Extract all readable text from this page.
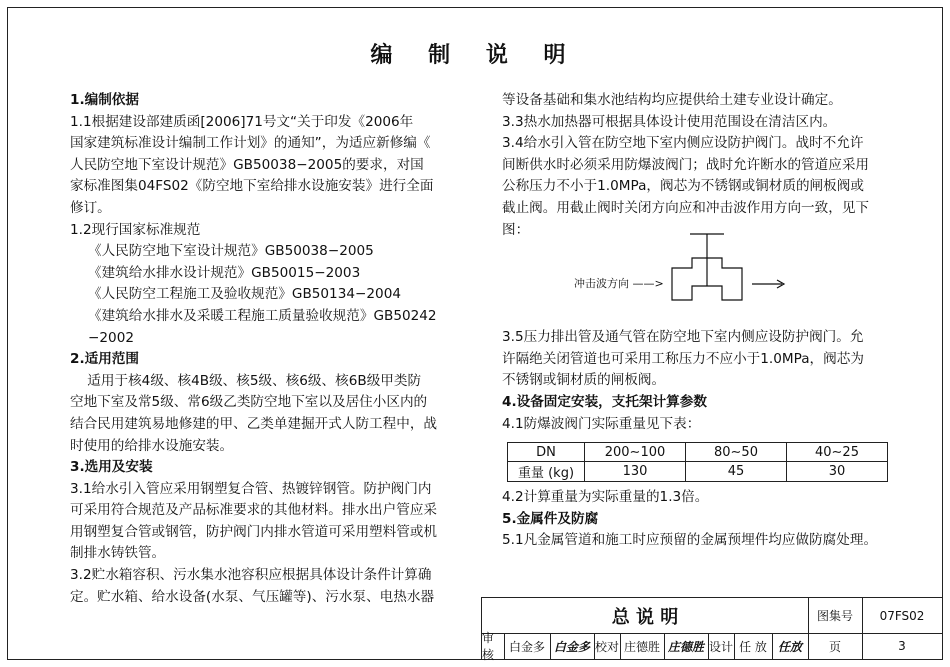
编 制 说 明

1.编制依据

1.1根据建设部建质函[2006]71号文“关于印发《2006年

国家建筑标准设计编制工作计划》的通知”，为适应新修编《

人民防空地下室设计规范》GB50038−2005的要求，对国

家标准图集04FS02《防空地下室给排水设施安装》进行全面

修订。

1.2现行国家标准规范

《人民防空地下室设计规范》GB50038−2005

《建筑给水排水设计规范》GB50015−2003

《人民防空工程施工及验收规范》GB50134−2004

《建筑给水排水及采暖工程施工质量验收规范》GB50242

−2002

2.适用范围

适用于核4级、核4B级、核5级、核6级、核6B级甲类防

空地下室及常5级、常6级乙类防空地下室以及居住小区内的

结合民用建筑易地修建的甲、乙类单建掘开式人防工程中，战

时使用的给排水设施安装。

3.选用及安装

3.1给水引入管应采用钢塑复合管、热镀锌钢管。防护阀门内

可采用符合规范及产品标准要求的其他材料。排水出户管应采

用钢塑复合管或钢管，防护阀门内排水管道可采用塑料管或机

制排水铸铁管。

3.2贮水箱容积、污水集水池容积应根据具体设计条件计算确

定。贮水箱、给水设备(水泵、气压罐等)、污水泵、电热水器

等设备基础和集水池结构均应提供给土建专业设计确定。

3.3热水加热器可根据具体设计使用范围设在清洁区内。

3.4给水引入管在防空地下室内侧应设防护阀门。战时不允许

间断供水时必须采用防爆波阀门；战时允许断水的管道应采用

公称压力不小于1.0MPa，阀芯为不锈钢或铜材质的闸板阀或

截止阀。用截止阀时关闭方向应和冲击波作用方向一致，见下

图：

3.5压力排出管及通气管在防空地下室内侧应设防护阀门。允

许隔绝关闭管道也可采用工称压力不应小于1.0MPa，阀芯为

不锈钢或铜材质的闸板阀。

4.设备固定安装，支托架计算参数

4.1防爆波阀门实际重量见下表：

4.2计算重量为实际重量的1.3倍。

5.金属件及防腐

5.1凡金属管道和施工时应预留的金属预埋件均应做防腐处理。

冲击波方向 ——>
DN	200∼100	80∼50	40∼25
重量 (kg)	130	45	30
总 说 明	图集号	07FS02
审核
白金多 白金多 校对 庄德胜 庄德胜 设计 任 放 任放	页	3
